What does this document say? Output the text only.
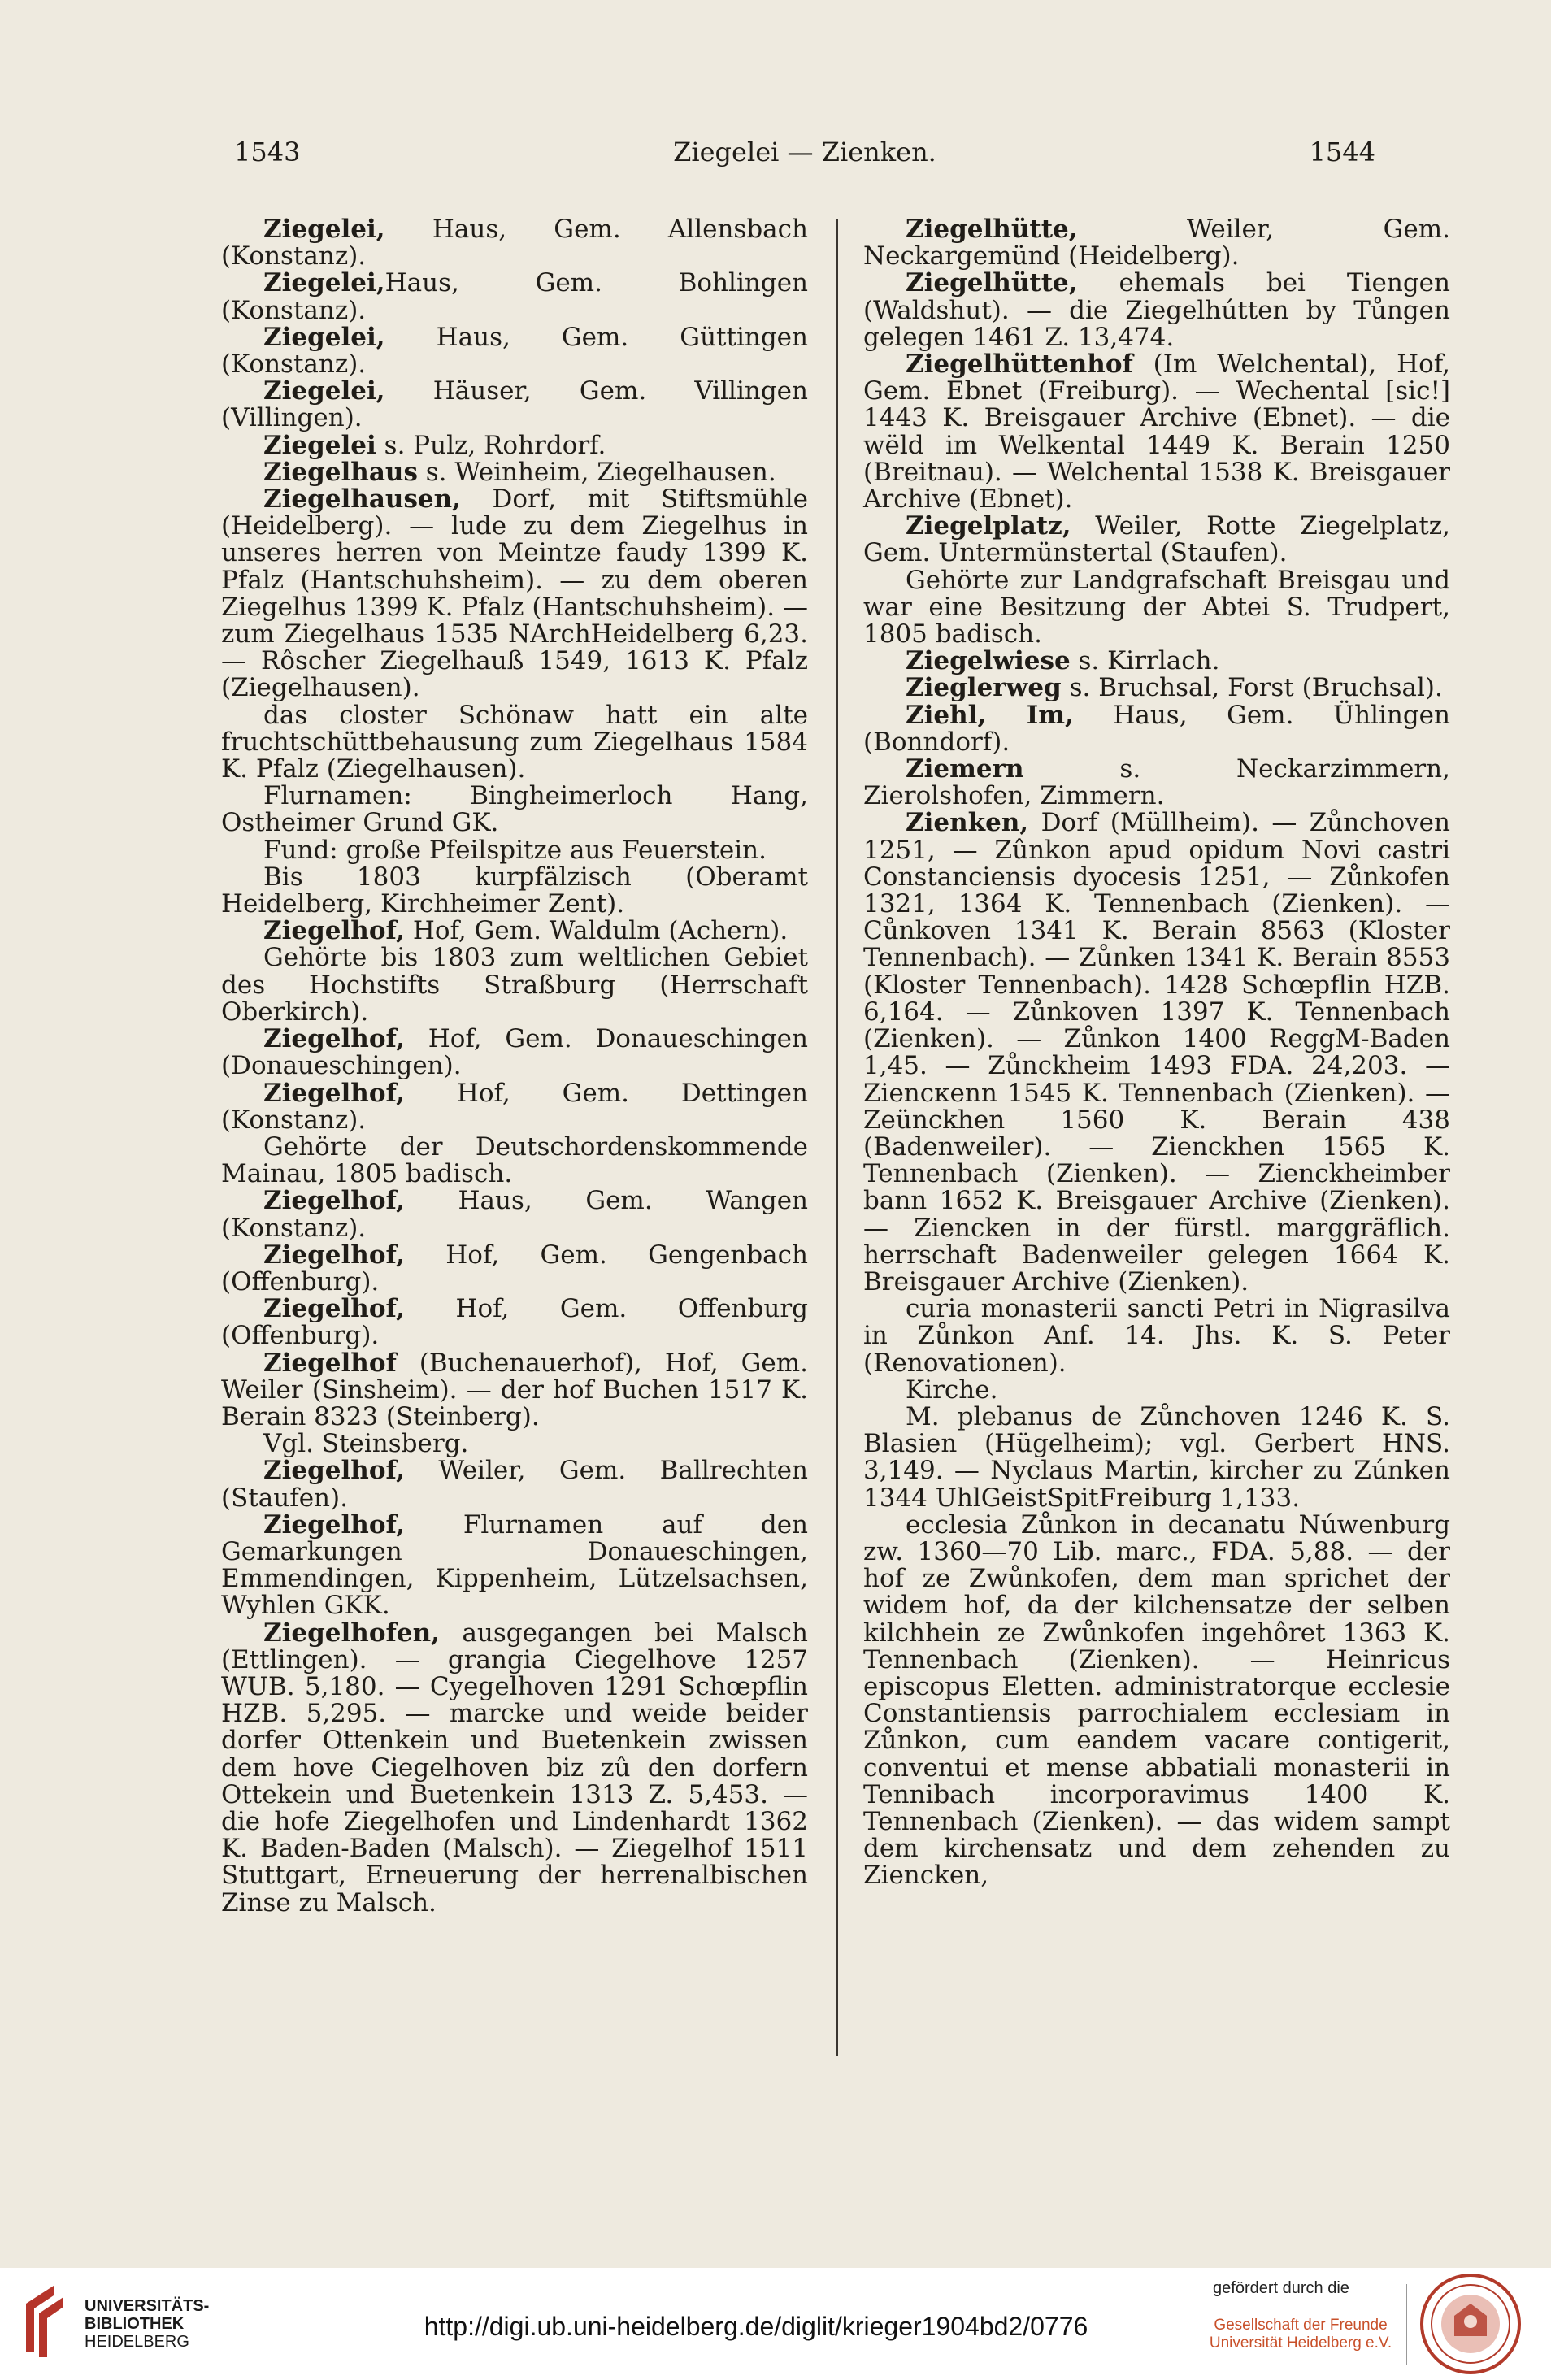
1543	Ziegelei — Zienken.	1544

Ziegelei, Haus, Gem. Allensbach (Konstanz).

Ziegelei,Haus, Gem. Bohlingen (Konstanz).

Ziegelei, Haus, Gem. Güttingen (Konstanz).

Ziegelei, Häuser, Gem. Villingen (Villingen).

Ziegelei s. Pulz, Rohrdorf.

Ziegelhaus s. Weinheim, Ziegelhausen.

Ziegelhausen, Dorf, mit Stiftsmühle (Heidelberg). — lude zu dem Ziegelhus in unseres herren von Meintze faudy 1399 K. Pfalz (Hantschuhsheim). — zu dem oberen Ziegelhus 1399 K. Pfalz (Hantschuhsheim). — zum Ziegelhaus 1535 NArchHeidelberg 6,23. — Rôscher Ziegelhauß 1549, 1613 K. Pfalz (Ziegelhausen).

das closter Schönaw hatt ein alte fruchtschüttbehausung zum Ziegelhaus 1584 K. Pfalz (Ziegelhausen).

Flurnamen: Bingheimerloch Hang, Ostheimer Grund GK.

Fund: große Pfeilspitze aus Feuerstein.

Bis 1803 kurpfälzisch (Oberamt Heidelberg, Kirchheimer Zent).

Ziegelhof, Hof, Gem. Waldulm (Achern).

Gehörte bis 1803 zum weltlichen Gebiet des Hochstifts Straßburg (Herrschaft Oberkirch).

Ziegelhof, Hof, Gem. Donaueschingen (Donaueschingen).

Ziegelhof, Hof, Gem. Dettingen (Konstanz).

Gehörte der Deutschordenskommende Mainau, 1805 badisch.

Ziegelhof, Haus, Gem. Wangen (Konstanz).

Ziegelhof, Hof, Gem. Gengenbach (Offenburg).

Ziegelhof, Hof, Gem. Offenburg (Offenburg).

Ziegelhof (Buchenauerhof), Hof, Gem. Weiler (Sinsheim). — der hof Buchen 1517 K. Berain 8323 (Steinberg).

Vgl. Steinsberg.

Ziegelhof, Weiler, Gem. Ballrechten (Staufen).

Ziegelhof, Flurnamen auf den Gemarkungen Donaueschingen, Emmendingen, Kippenheim, Lützelsachsen, Wyhlen GKK.

Ziegelhofen, ausgegangen bei Malsch (Ettlingen). — grangia Ciegelhove 1257 WUB. 5,180. — Cyegelhoven 1291 Schœpflin HZB. 5,295. — marcke und weide beider dorfer Ottenkein und Buetenkein zwissen dem hove Ciegelhoven biz zû den dorfern Ottekein und Buetenkein 1313 Z. 5,453. — die hofe Ziegelhofen und Lindenhardt 1362 K. Baden-Baden (Malsch). — Ziegelhof 1511 Stuttgart, Erneuerung der herrenalbischen Zinse zu Malsch.

Ziegelhütte, Weiler, Gem. Neckargemünd (Heidelberg).

Ziegelhütte, ehemals bei Tiengen (Waldshut). — die Ziegelhútten by Tůngen gelegen 1461 Z. 13,474.

Ziegelhüttenhof (Im Welchental), Hof, Gem. Ebnet (Freiburg). — Wechental [sic!] 1443 K. Breisgauer Archive (Ebnet). — die wëld im Welkental 1449 K. Berain 1250 (Breitnau). — Welchental 1538 K. Breisgauer Archive (Ebnet).

Ziegelplatz, Weiler, Rotte Ziegelplatz, Gem. Untermünstertal (Staufen).

Gehörte zur Landgrafschaft Breisgau und war eine Besitzung der Abtei S. Trudpert, 1805 badisch.

Ziegelwiese s. Kirrlach.

Zieglerweg s. Bruchsal, Forst (Bruchsal).

Ziehl, Im, Haus, Gem. Ühlingen (Bonndorf).

Ziemern s. Neckarzimmern, Zierolshofen, Zimmern.

Zienken, Dorf (Müllheim). — Zůnchoven 1251, — Zûnkon apud opidum Novi castri Constanciensis dyocesis 1251, — Zůnkofen 1321, 1364 K. Tennenbach (Zienken). — Cůnkoven 1341 K. Berain 8563 (Kloster Tennenbach). — Zůnken 1341 K. Berain 8553 (Kloster Tennenbach). 1428 Schœpflin HZB. 6,164. — Zůnkoven 1397 K. Tennenbach (Zienken). — Zůnkon 1400 ReggM-Baden 1,45. — Zůnckheim 1493 FDA. 24,203. — Ziencкenn 1545 K. Tennenbach (Zienken). — Zeünckhen 1560 K. Berain 438 (Badenweiler). — Zienckhen 1565 K. Tennenbach (Zienken). — Zienckheimber bann 1652 K. Breisgauer Archive (Zienken). — Ziencken in der fürstl. marggräflich. herrschaft Badenweiler gelegen 1664 K. Breisgauer Archive (Zienken).

curia monasterii sancti Petri in Nigrasilva in Zůnkon Anf. 14. Jhs. K. S. Peter (Renovationen).

Kirche.

M. plebanus de Zůnchoven 1246 K. S. Blasien (Hügelheim); vgl. Gerbert HNS. 3,149. — Nyclaus Martin, kircher zu Zúnken 1344 UhlGeistSpitFreiburg 1,133.

ecclesia Zůnkon in decanatu Núwenburg zw. 1360—70 Lib. marc., FDA. 5,88. — der hof ze Zwůnkofen, dem man sprichet der widem hof, da der kilchensatze der selben kilchhein ze Zwůnkofen ingehôret 1363 K. Tennenbach (Zienken). — Heinricus episcopus Eletten. administratorque ecclesie Constantiensis parrochialem ecclesiam in Zůnkon, cum eandem vacare contigerit, conventui et mense abbatiali monasterii in Tennibach incorporavimus 1400 K. Tennenbach (Zienken). — das widem sampt dem kirchensatz und dem zehenden zu Ziencken,

UNIVERSITÄTS-
BIBLIOTHEK
HEIDELBERG
http://digi.ub.uni-heidelberg.de/diglit/krieger1904bd2/0776
gefördert durch die
Gesellschaft der Freunde
Universität Heidelberg e.V.
